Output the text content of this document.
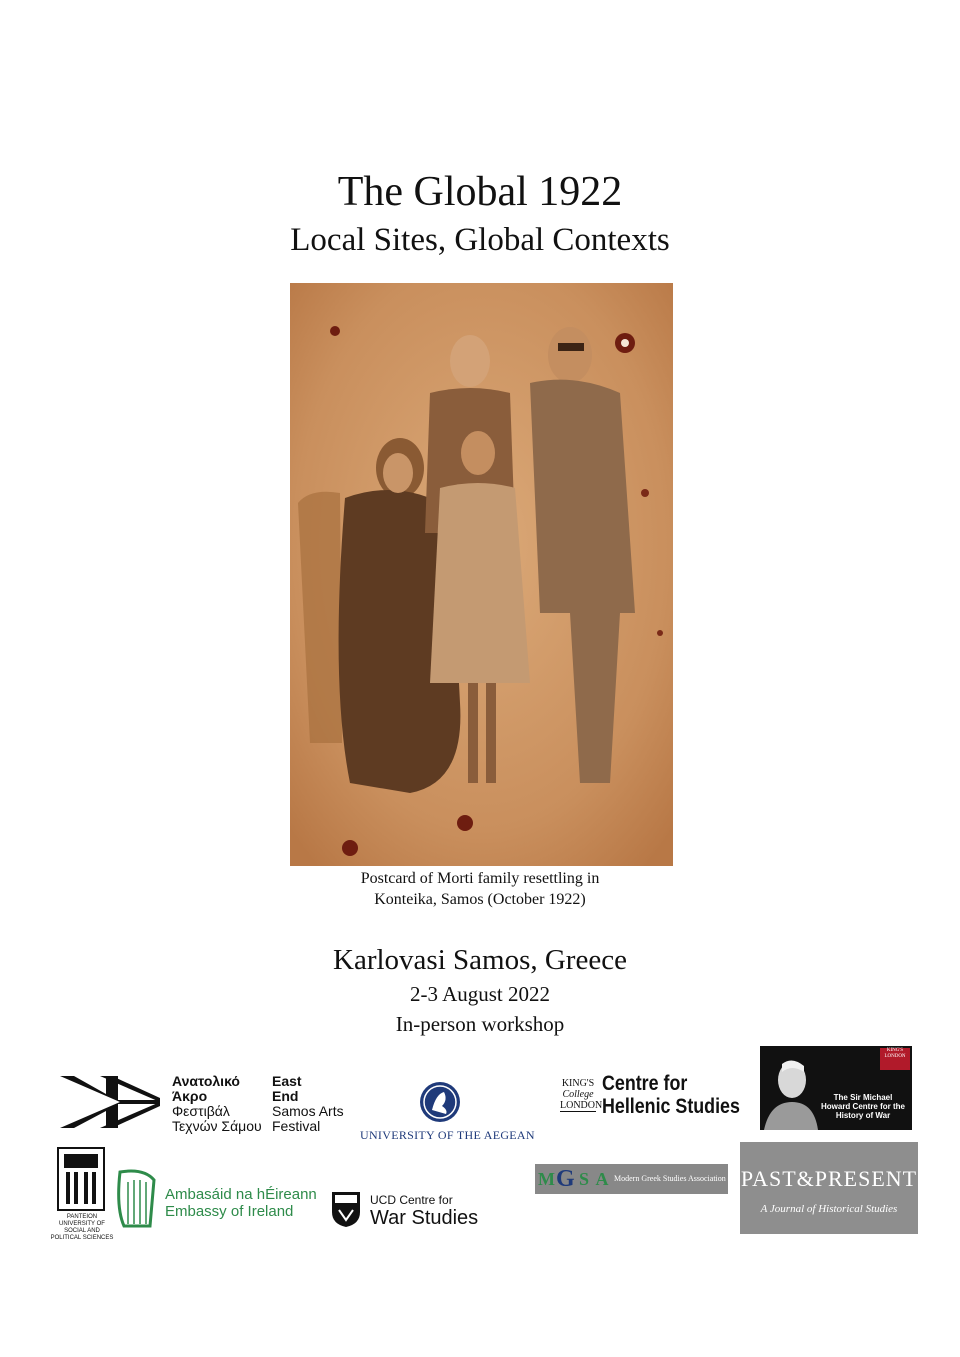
The Global 1922
Local Sites, Global Contexts
Postcard of Morti family resettling in
Konteika, Samos (October 1922)
Karlovasi Samos, Greece
2-3 August 2022
In-person workshop
Ανατολικό
Άκρο
Φεστιβάλ
Τεχνών Σάμου
East
End
Samos Arts
Festival
UNIVERSITY OF THE AEGEAN
KING'S
College
LONDON
Centre for
Hellenic Studies
KING'S LONDON
The Sir Michael Howard Centre for the History of War
PANTEION UNIVERSITY OF SOCIAL AND POLITICAL SCIENCES
Ambasáid na hÉireann
Embassy of Ireland
UCD Centre for
War Studies
M G S A Modern Greek Studies Association PAST&PRESENT
A Journal of Historical Studies
